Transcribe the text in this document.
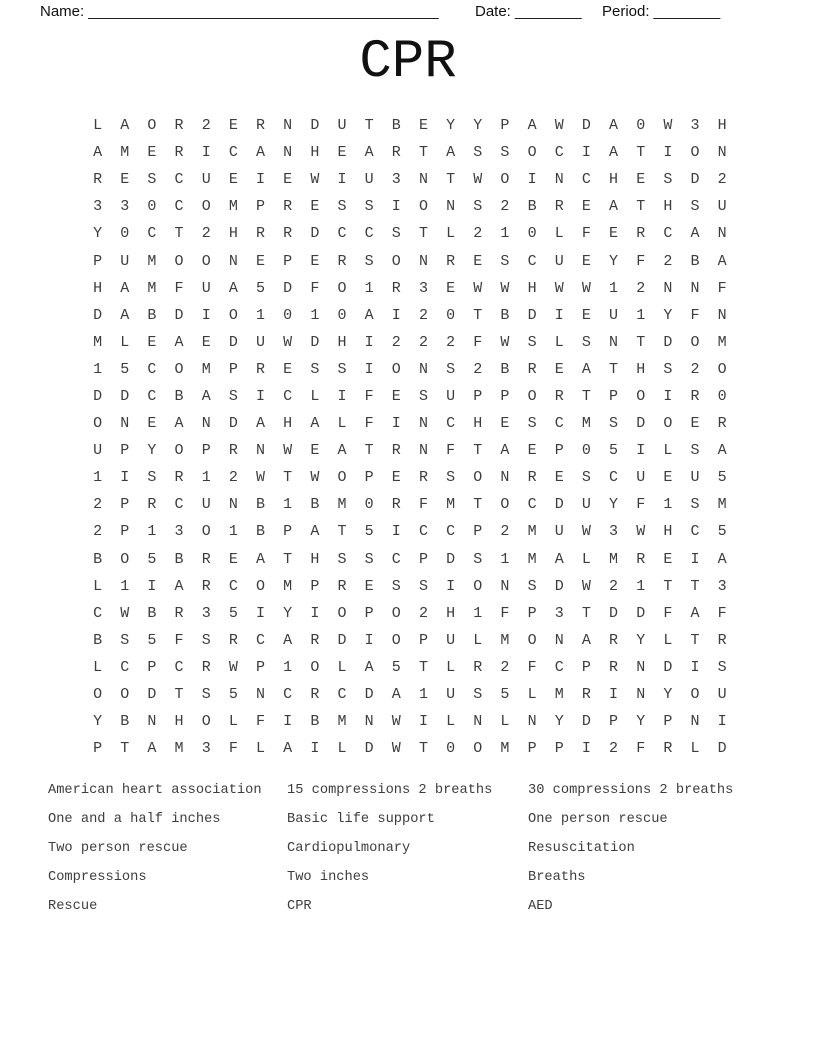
Name: __________________________________________ Date: ________ Period: ________
CPR
L	A	O	R	2	E	R	N	D	U	T	B	E	Y	Y	P	A	W	D	A	0	W	3	H
A	M	E	R	I	C	A	N	H	E	A	R	T	A	S	S	O	C	I	A	T	I	O	N
R	E	S	C	U	E	I	E	W	I	U	3	N	T	W	O	I	N	C	H	E	S	D	2
3	3	0	C	O	M	P	R	E	S	S	I	O	N	S	2	B	R	E	A	T	H	S	U
Y	0	C	T	2	H	R	R	D	C	C	S	T	L	2	1	0	L	F	E	R	C	A	N
P	U	M	O	O	N	E	P	E	R	S	O	N	R	E	S	C	U	E	Y	F	2	B	A
H	A	M	F	U	A	5	D	F	O	1	R	3	E	W	W	H	W	W	1	2	N	N	F
D	A	B	D	I	O	1	0	1	0	A	I	2	0	T	B	D	I	E	U	1	Y	F	N
M	L	E	A	E	D	U	W	D	H	I	2	2	2	F	W	S	L	S	N	T	D	O	M
1	5	C	O	M	P	R	E	S	S	I	O	N	S	2	B	R	E	A	T	H	S	2	O
D	D	C	B	A	S	I	C	L	I	F	E	S	U	P	P	O	R	T	P	O	I	R	0
O	N	E	A	N	D	A	H	A	L	F	I	N	C	H	E	S	C	M	S	D	O	E	R
U	P	Y	O	P	R	N	W	E	A	T	R	N	F	T	A	E	P	0	5	I	L	S	A
1	I	S	R	1	2	W	T	W	O	P	E	R	S	O	N	R	E	S	C	U	E	U	5
2	P	R	C	U	N	B	1	B	M	0	R	F	M	T	O	C	D	U	Y	F	1	S	M
2	P	1	3	O	1	B	P	A	T	5	I	C	C	P	2	M	U	W	3	W	H	C	5
B	O	5	B	R	E	A	T	H	S	S	C	P	D	S	1	M	A	L	M	R	E	I	A
L	1	I	A	R	C	O	M	P	R	E	S	S	I	O	N	S	D	W	2	1	T	T	3
C	W	B	R	3	5	I	Y	I	O	P	O	2	H	1	F	P	3	T	D	D	F	A	F
B	S	5	F	S	R	C	A	R	D	I	O	P	U	L	M	O	N	A	R	Y	L	T	R
L	C	P	C	R	W	P	1	O	L	A	5	T	L	R	2	F	C	P	R	N	D	I	S
O	O	D	T	S	5	N	C	R	C	D	A	1	U	S	5	L	M	R	I	N	Y	O	U
Y	B	N	H	O	L	F	I	B	M	N	W	I	L	N	L	N	Y	D	P	Y	P	N	I
P	T	A	M	3	F	L	A	I	L	D	W	T	0	O	M	P	P	I	2	F	R	L	D
American heart association
One and a half inches
Two person rescue
Compressions
Rescue
15 compressions 2 breaths
Basic life support
Cardiopulmonary
Two inches
CPR
30 compressions 2 breaths
One person rescue
Resuscitation
Breaths
AED
